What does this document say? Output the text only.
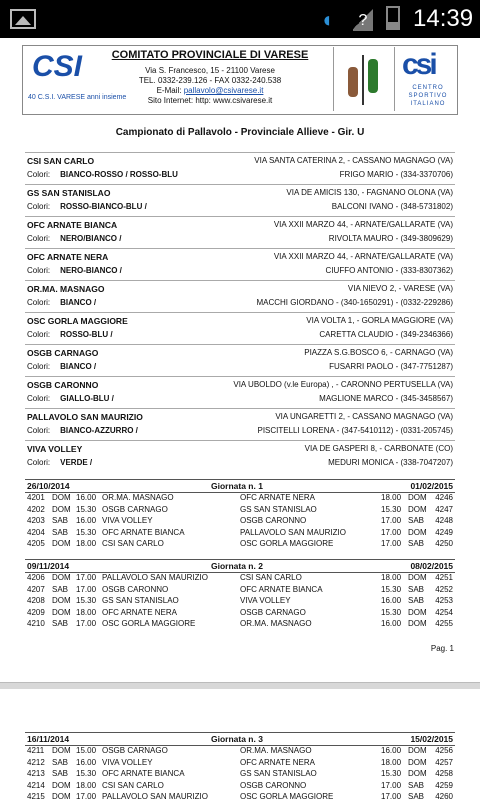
◖	? 14:39
CSI
40 C.S.I. VARESE anni insieme
COMITATO PROVINCIALE DI VARESE
Via S. Francesco, 15 - 21100 Varese
TEL. 0332-239.126 - FAX 0332-240.538
E-Mail: pallavolo@csivarese.it
Sito Internet: http: www.csivarese.it
csi
CENTRO SPORTIVO ITALIANO
Campionato di Pallavolo - Provinciale Allieve - Gir. U
CSI SAN CARLO	VIA SANTA CATERINA 2, - CASSANO MAGNAGO (VA)
Colori: BIANCO-ROSSO / ROSSO-BLU	FRIGO MARIO - (334-3370706)
GS SAN STANISLAO	VIA DE AMICIS 130, - FAGNANO OLONA (VA)
Colori: ROSSO-BIANCO-BLU /	BALCONI IVANO - (348-5731802)
OFC ARNATE BIANCA	VIA XXII MARZO 44, - ARNATE/GALLARATE (VA)
Colori: NERO/BIANCO /	RIVOLTA MAURO - (349-3809629)
OFC ARNATE NERA	VIA XXII MARZO 44, - ARNATE/GALLARATE (VA)
Colori: NERO-BIANCO /	CIUFFO ANTONIO - (333-8307362)
OR.MA. MASNAGO	VIA NIEVO 2, - VARESE (VA)
Colori: BIANCO /	MACCHI GIORDANO - (340-1650291) - (0332-229286)
OSC GORLA MAGGIORE	VIA VOLTA 1, - GORLA MAGGIORE (VA)
Colori: ROSSO-BLU /	CARETTA CLAUDIO - (349-2346366)
OSGB CARNAGO	PIAZZA S.G.BOSCO 6, - CARNAGO (VA)
Colori: BIANCO /	FUSARRI PAOLO - (347-7751287)
OSGB CARONNO	VIA UBOLDO (v.le Europa) , - CARONNO PERTUSELLA (VA)
Colori: GIALLO-BLU /	MAGLIONE MARCO - (345-3458567)
PALLAVOLO SAN MAURIZIO	VIA UNGARETTI 2, - CASSANO MAGNAGO (VA)
Colori: BIANCO-AZZURRO /	PISCITELLI LORENA - (347-5410112) - (0331-205745)
VIVA VOLLEY	VIA DE GASPERI 8, - CARBONATE (CO)
Colori: VERDE /	MEDURI MONICA - (338-7047207)
26/10/2014	Giornata n. 1	01/02/2015
4201 DOM 16.00 OR.MA. MASNAGO	OFC ARNATE NERA	18.00 DOM 4246
4202 DOM 15.30 OSGB CARNAGO	GS SAN STANISLAO	15.30 DOM 4247
4203 SAB 16.00 VIVA VOLLEY	OSGB CARONNO	17.00 SAB 4248
4204 SAB 15.30 OFC ARNATE BIANCA	PALLAVOLO SAN MAURIZIO	17.00 DOM 4249
4205 DOM 18.00 CSI SAN CARLO	OSC GORLA MAGGIORE	17.00 SAB 4250
09/11/2014	Giornata n. 2	08/02/2015
4206 DOM 17.00 PALLAVOLO SAN MAURIZIO	CSI SAN CARLO	18.00 DOM 4251
4207 SAB 17.00 OSGB CARONNO	OFC ARNATE BIANCA	15.30 SAB 4252
4208 DOM 15.30 GS SAN STANISLAO	VIVA VOLLEY	16.00 SAB 4253
4209 DOM 18.00 OFC ARNATE NERA	OSGB CARNAGO	15.30 DOM 4254
4210 SAB 17.00 OSC GORLA MAGGIORE	OR.MA. MASNAGO	16.00 DOM 4255
16/11/2014	Giornata n. 3	15/02/2015
4211 DOM 15.00 OSGB CARNAGO	OR.MA. MASNAGO	16.00 DOM 4256
4212 SAB 16.00 VIVA VOLLEY	OFC ARNATE NERA	18.00 DOM 4257
4213 SAB 15.30 OFC ARNATE BIANCA	GS SAN STANISLAO	15.30 DOM 4258
4214 DOM 18.00 CSI SAN CARLO	OSGB CARONNO	17.00 SAB 4259
4215 DOM 17.00 PALLAVOLO SAN MAURIZIO	OSC GORLA MAGGIORE	17.00 SAB 4260
Pag. 1
